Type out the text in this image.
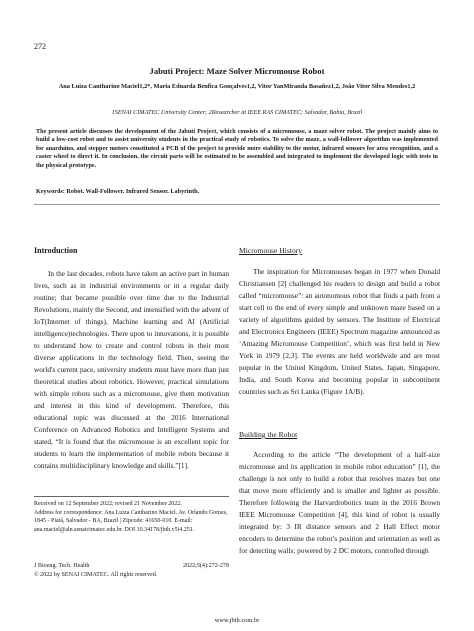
272
Jabuti Project: Maze Solver Micromouse Robot
Ana Luiza Cantharino Maciel1,2*, Maria Eduarda Benfica Gonçalves1,2, Vitor YanMiranda Basañez1,2, João Vitor Silva Mendes1,2
1SENAI CIMATEC University Center; 2Researcher at IEEE RAS CIMATEC; Salvador, Bahia, Brazil
The present article discusses the development of the Jabuti Project, which consists of a micromouse, a maze solver robot. The project mainly aims to build a low-cost robot and to assist university students in the practical study of robotics. To solve the maze, a wall-follower algorithm was implemented for anarduino, and stepper motors constituted a PCB of the project to provide more stability to the motor, infrared sensors for area recognition, and a caster wheel to direct it. In conclusion, the circuit parts will be estimated to be assembled and integrated to implement the developed logic with tests in the physical prototype.
Keywords: Robot. Wall-Follower. Infrared Sensor. Labyrinth.
Introduction

In the last decades, robots have taken an active part in human lives, such as in industrial environments or in a regular daily routine; that became possible over time due to the Industrial Revolutions, mainly the Second, and intensified with the advent of IoT(Internet of things), Machine learning and AI (Artificial intelligence)technologies. There upon to innovations, it is possible to understand how to create and control robots in their most diverse applications in the technology field. Then, seeing the world's current pace, university students must have more than just theoretical studies about robotics. However, practical simulations with simple robots such as a micromouse, give them motivation and interest in this kind of development. Therefore, this educational topic was discussed at the 2016 International Conference on Advanced Robotics and Intelligent Systems and stated, “It is found that the micromouse is an excellent topic for students to learn the implementation of mobile robots because it contains multidisciplinary knowledge and skills.”[1].

Received on 12 September 2022; revised 21 November 2022.
Address for correspondence: Ana Luiza Cantharino Maciel. Av. Orlando Gomes, 1845 - Piatã, Salvador - BA, Brazil | Zipcode: 41650-010. E-mail: ana.maciel@aln.senaicimatec.edu.br. DOI 10.34178/jbth.v5i4.251.
J Bioeng. Tech. Health	2022;5(4):272-278
© 2022 by SENAI CIMATEC. All rights reserved.
Micromouse History

The inspiration for Micromouses began in 1977 when Donald Christiansen [2] challenged his readers to design and build a robot called “micromouse”: an autonomous robot that finds a path from a start cell to the end of every simple and unknown maze based on a variety of algorithms guided by sensors. The Institute of Electrical and Electronics Engineers (IEEE) Spectrum magazine announced as ‘Amazing Micromouse Competition’, which was first held in New York in 1979 [2,3]. The events are held worldwide and are most popular in the United Kingdom, United States, Japan, Singapore, India, and South Korea and becoming popular in subcontinent countries such as Sri Lanka (Figure 1A/B).

Building the Robot

According to the article “The development of a half-size micromouse and its application in mobile robot education” [1], the challenge is not only to build a robot that resolves mazes but one that move more efficiently and is smaller and lighter as possible. Therefore following the Harvardrobotics team in the 2016 Brown IEEE Micromouse Competition [4], this kind of robot is usually integrated by: 3 IR distance sensors and 2 Hall Effect motor encoders to determine the robot’s position and orientation as well as for detecting walls; powered by 2 DC motors, controlled through

www.jbth.com.br
